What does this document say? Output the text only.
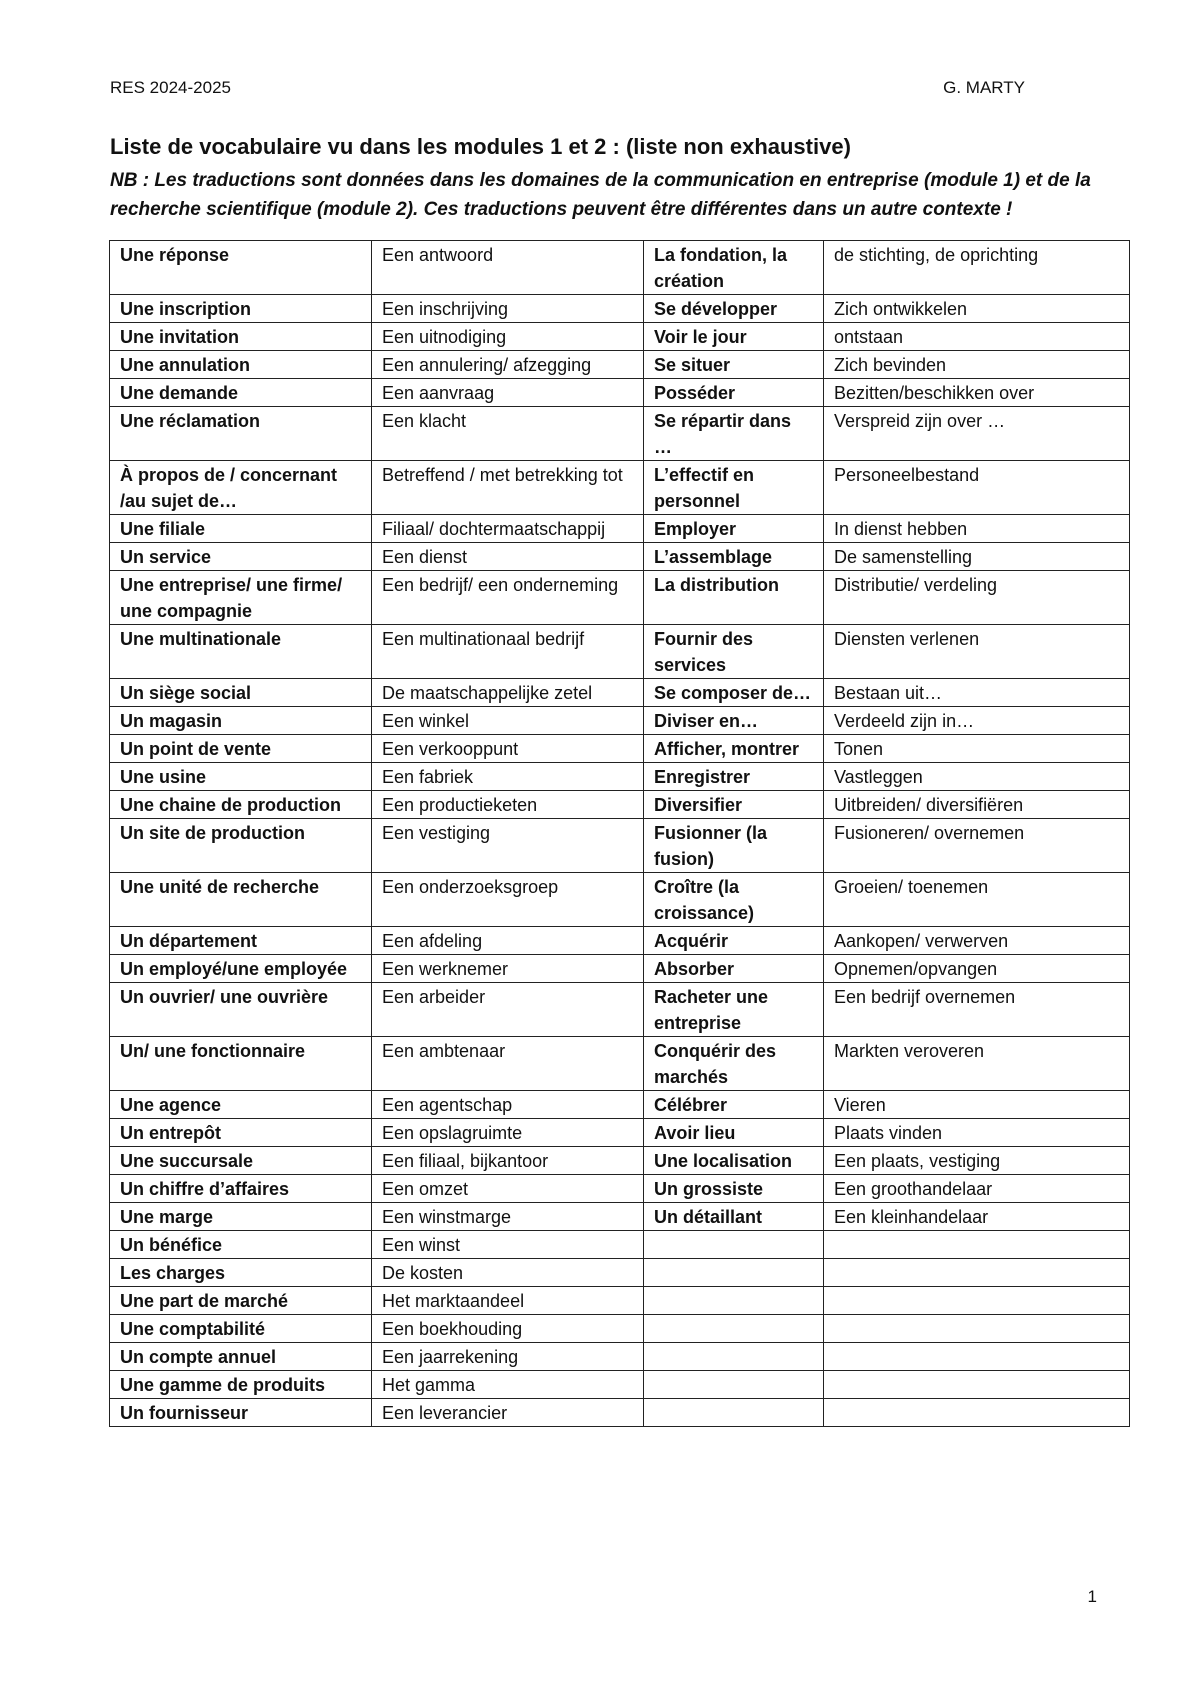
RES 2024-2025	G. MARTY
Liste de vocabulaire vu dans les modules 1 et 2 : (liste non exhaustive)
NB : Les traductions sont données dans les domaines de la communication en entreprise (module 1) et de la recherche scientifique (module 2). Ces traductions peuvent être différentes dans un autre contexte !
Une réponse	Een antwoord	La fondation, la création	de stichting, de oprichting
Une inscription	Een inschrijving	Se développer	Zich ontwikkelen
Une invitation	Een uitnodiging	Voir le jour	ontstaan
Une annulation	Een annulering/ afzegging	Se situer	Zich bevinden
Une demande	Een aanvraag	Posséder	Bezitten/beschikken over
Une réclamation	Een klacht	Se répartir dans …	Verspreid zijn over …
À propos de / concernant /au sujet de…	Betreffend / met betrekking tot	L’effectif en personnel	Personeelbestand
Une filiale	Filiaal/ dochtermaatschappij	Employer	In dienst hebben
Un service	Een dienst	L’assemblage	De samenstelling
Une entreprise/ une firme/ une compagnie	Een bedrijf/ een onderneming	La distribution	Distributie/ verdeling
Une multinationale	Een multinationaal bedrijf	Fournir des services	Diensten verlenen
Un siège social	De maatschappelijke zetel	Se composer de…	Bestaan uit…
Un magasin	Een winkel	Diviser en…	Verdeeld zijn in…
Un point de vente	Een verkooppunt	Afficher, montrer	Tonen
Une usine	Een fabriek	Enregistrer	Vastleggen
Une chaine de production	Een productieketen	Diversifier	Uitbreiden/ diversifiëren
Un site de production	Een vestiging	Fusionner (la fusion)	Fusioneren/ overnemen
Une unité de recherche	Een onderzoeksgroep	Croître (la croissance)	Groeien/ toenemen
Un département	Een afdeling	Acquérir	Aankopen/ verwerven
Un employé/une employée	Een werknemer	Absorber	Opnemen/opvangen
Un ouvrier/ une ouvrière	Een arbeider	Racheter une entreprise	Een bedrijf overnemen
Un/ une fonctionnaire	Een ambtenaar	Conquérir des marchés	Markten veroveren
Une agence	Een agentschap	Célébrer	Vieren
Un entrepôt	Een opslagruimte	Avoir lieu	Plaats vinden
Une succursale	Een filiaal, bijkantoor	Une localisation	Een plaats, vestiging
Un chiffre d’affaires	Een omzet	Un grossiste	Een groothandelaar
Une marge	Een winstmarge	Un détaillant	Een kleinhandelaar
Un bénéfice	Een winst		
Les charges	De kosten		
Une part de marché	Het marktaandeel		
Une comptabilité	Een boekhouding		
Un compte annuel	Een jaarrekening		
Une gamme de produits	Het gamma		
Un fournisseur	Een leverancier		
1
